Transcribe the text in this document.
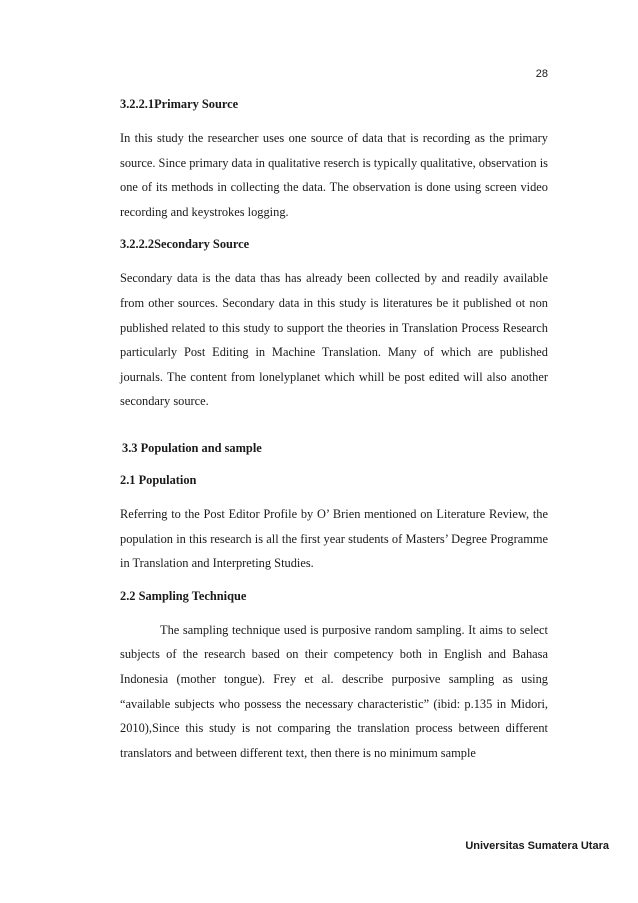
28
3.2.2.1Primary Source

In this study the researcher uses one source of data that is recording as the primary source. Since primary data in qualitative reserch is typically qualitative, observation is one of its methods in collecting the data. The observation is done using screen video recording and keystrokes logging.

3.2.2.2Secondary Source

Secondary data is the data thas has already been collected by and readily available from other sources. Secondary data in this study is literatures be it published ot non published related to this study to support the theories in Translation Process Research particularly Post Editing in Machine Translation. Many of which are published journals. The content from lonelyplanet which whill be post edited will also another secondary source.

3.3 Population and sample
2.1 Population

Referring to the Post Editor Profile by O’ Brien mentioned on Literature Review, the population in this research is all the first year students of Masters’ Degree Programme in Translation and Interpreting Studies.

2.2 Sampling Technique

The sampling technique used is purposive random sampling. It aims to select subjects of the research based on their competency both in English and Bahasa Indonesia (mother tongue). Frey et al. describe purposive sampling as using “available subjects who possess the necessary characteristic” (ibid: p.135 in Midori, 2010),Since this study is not comparing the translation process between different translators and between different text, then there is no minimum sample

Universitas Sumatera Utara
